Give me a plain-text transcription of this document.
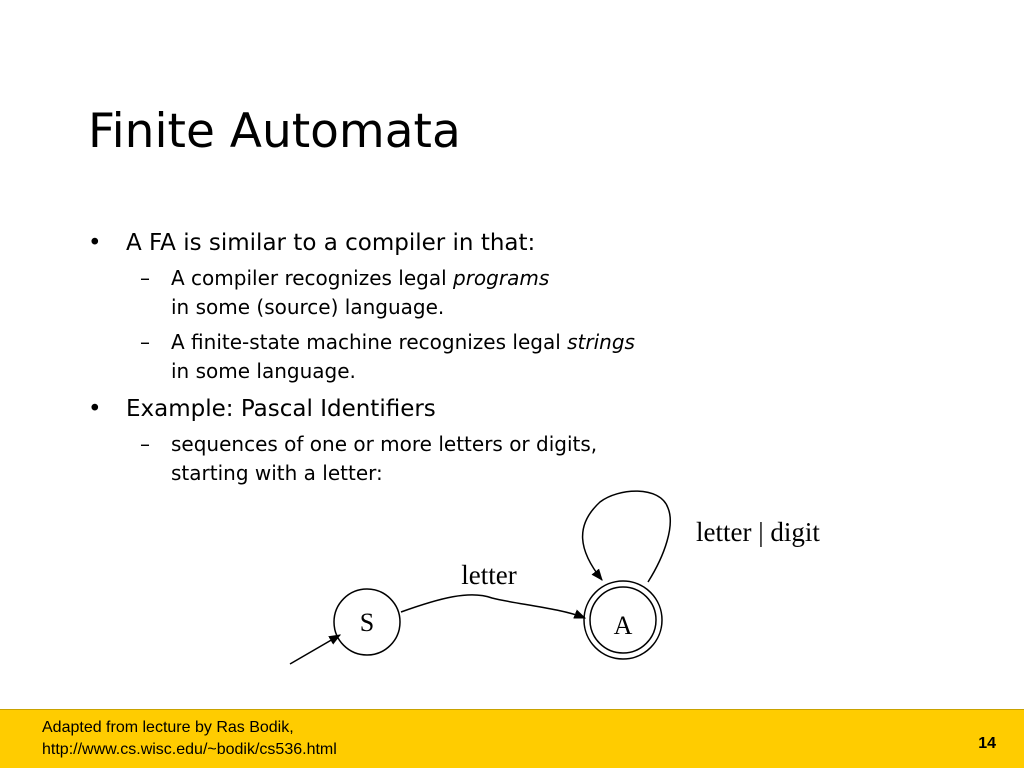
Finite Automata
• A FA is similar to a compiler in that:
– A compiler recognizes legal programs
in some (source) language.
– A finite-state machine recognizes legal strings
in some language.
• Example: Pascal Identifiers
– sequences of one or more letters or digits,
starting with a letter:
S	A
letter
letter | digit
Adapted from lecture by Ras Bodik,
http://www.cs.wisc.edu/~bodik/cs536.html	14
